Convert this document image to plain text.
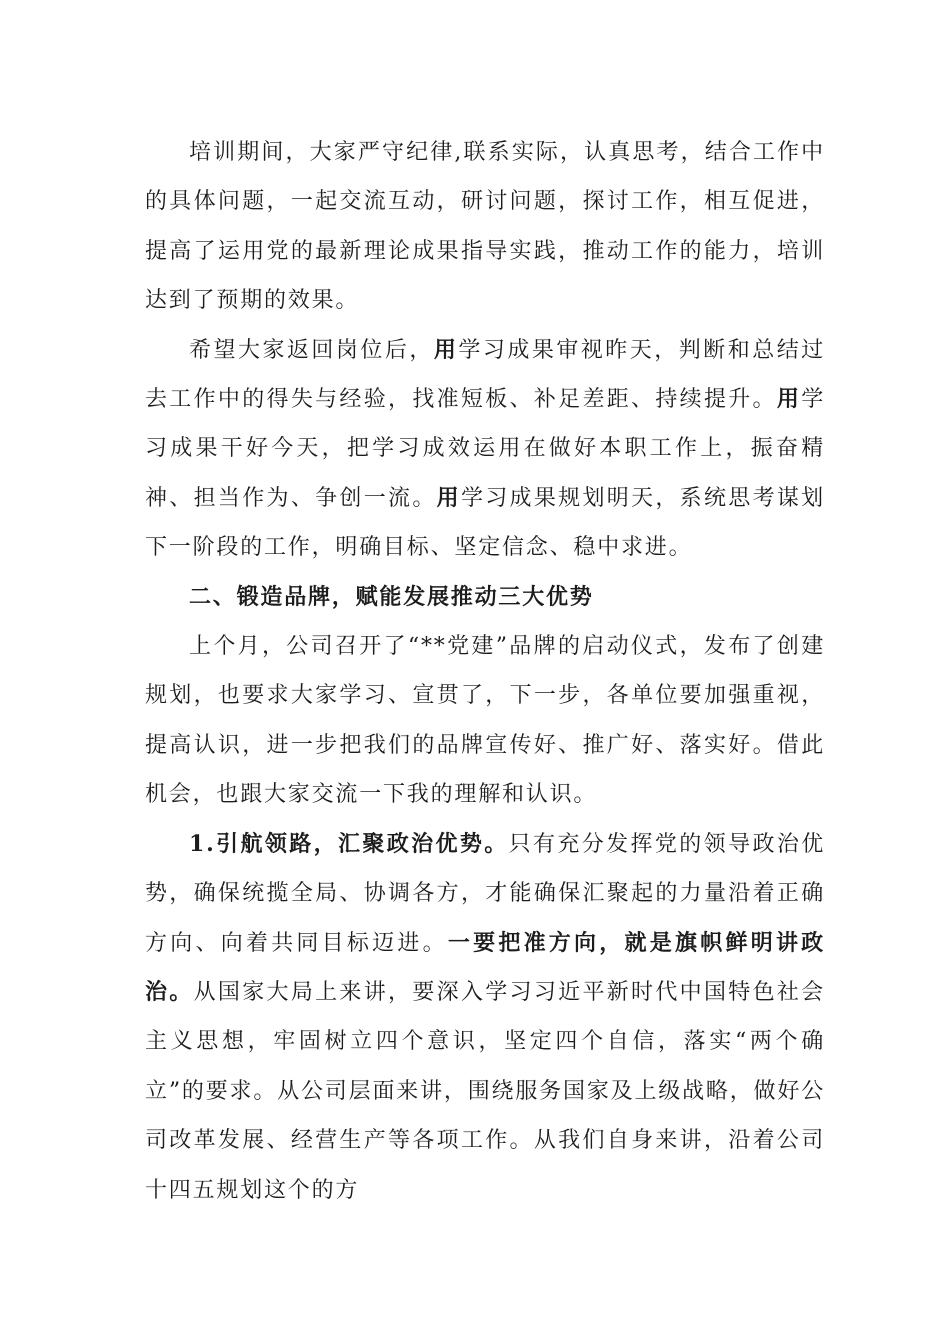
培训期间，大家严守纪律,联系实际，认真思考，结合工作中的具体问题，一起交流互动，研讨问题，探讨工作，相互促进，提高了运用党的最新理论成果指导实践，推动工作的能力，培训达到了预期的效果。

希望大家返回岗位后，用学习成果审视昨天，判断和总结过去工作中的得失与经验，找准短板、补足差距、持续提升。用学习成果干好今天，把学习成效运用在做好本职工作上，振奋精神、担当作为、争创一流。用学习成果规划明天，系统思考谋划下一阶段的工作，明确目标、坚定信念、稳中求进。

二、锻造品牌，赋能发展推动三大优势

上个月，公司召开了“**党建”品牌的启动仪式，发布了创建规划，也要求大家学习、宣贯了，下一步，各单位要加强重视，提高认识，进一步把我们的品牌宣传好、推广好、落实好。借此机会，也跟大家交流一下我的理解和认识。

1.引航领路，汇聚政治优势。只有充分发挥党的领导政治优势，确保统揽全局、协调各方，才能确保汇聚起的力量沿着正确方向、向着共同目标迈进。一要把准方向，就是旗帜鲜明讲政治。从国家大局上来讲，要深入学习习近平新时代中国特色社会主义思想，牢固树立四个意识，坚定四个自信，落实“两个确立”的要求。从公司层面来讲，围绕服务国家及上级战略，做好公司改革发展、经营生产等各项工作。从我们自身来讲，沿着公司十四五规划这个的方
